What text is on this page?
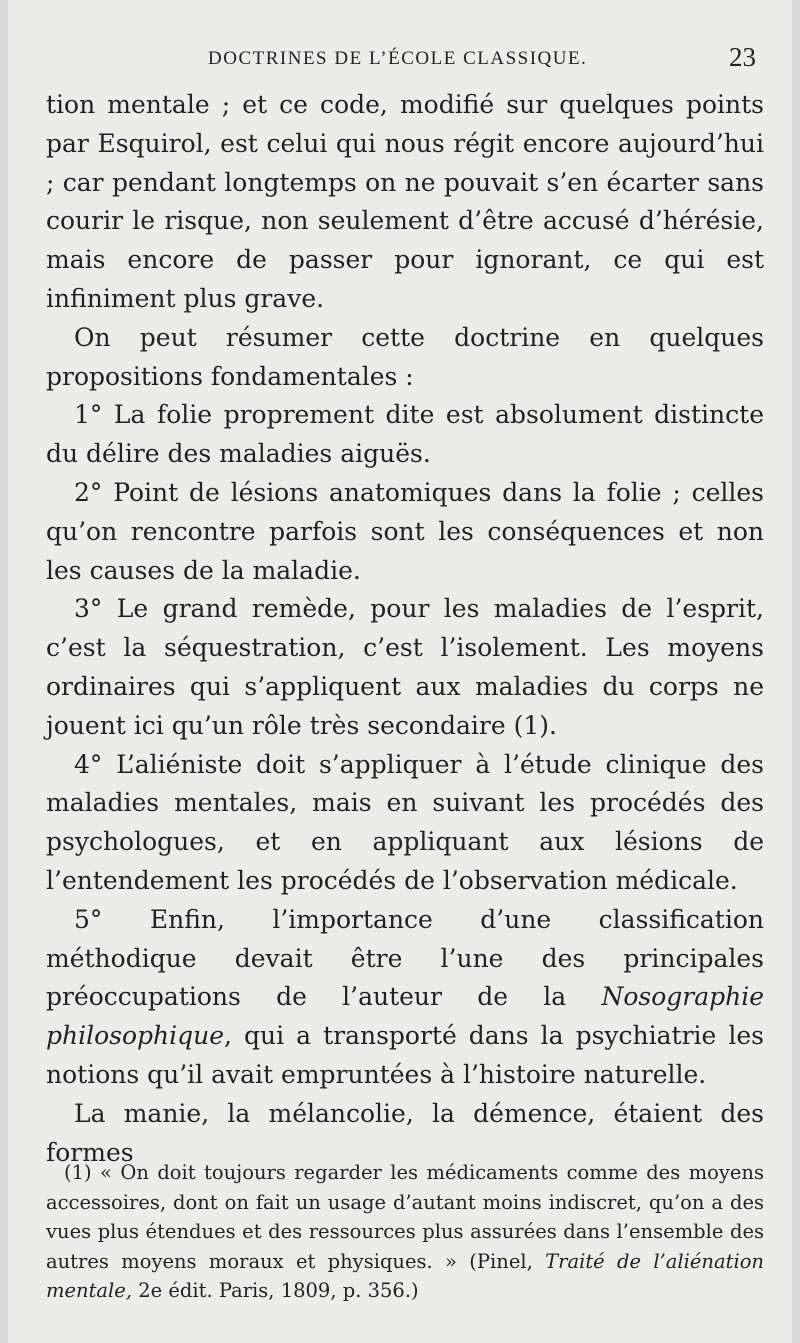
DOCTRINES DE L’ÉCOLE CLASSIQUE.	23

tion mentale ; et ce code, modifié sur quelques points par Esquirol, est celui qui nous régit encore aujourd’hui ; car pendant longtemps on ne pouvait s’en écarter sans courir le risque, non seulement d’être accusé d’hérésie, mais encore de passer pour ignorant, ce qui est infiniment plus grave.

On peut résumer cette doctrine en quelques propositions fondamentales :

1° La folie proprement dite est absolument distincte du délire des maladies aiguës.

2° Point de lésions anatomiques dans la folie ; celles qu’on rencontre parfois sont les conséquences et non les causes de la maladie.

3° Le grand remède, pour les maladies de l’esprit, c’est la séquestration, c’est l’isolement. Les moyens ordinaires qui s’appliquent aux maladies du corps ne jouent ici qu’un rôle très secondaire (1).

4° L’aliéniste doit s’appliquer à l’étude clinique des maladies mentales, mais en suivant les procédés des psychologues, et en appliquant aux lésions de l’entendement les procédés de l’observation médicale.

5° Enfin, l’importance d’une classification méthodique devait être l’une des principales préoccupations de l’auteur de la Nosographie philosophique, qui a transporté dans la psychiatrie les notions qu’il avait empruntées à l’histoire naturelle.

La manie, la mélancolie, la démence, étaient des formes

(1) « On doit toujours regarder les médicaments comme des moyens accessoires, dont on fait un usage d’autant moins indiscret, qu’on a des vues plus étendues et des ressources plus assurées dans l’ensemble des autres moyens moraux et physiques. » (Pinel, Traité de l’aliénation mentale, 2e édit. Paris, 1809, p. 356.)
